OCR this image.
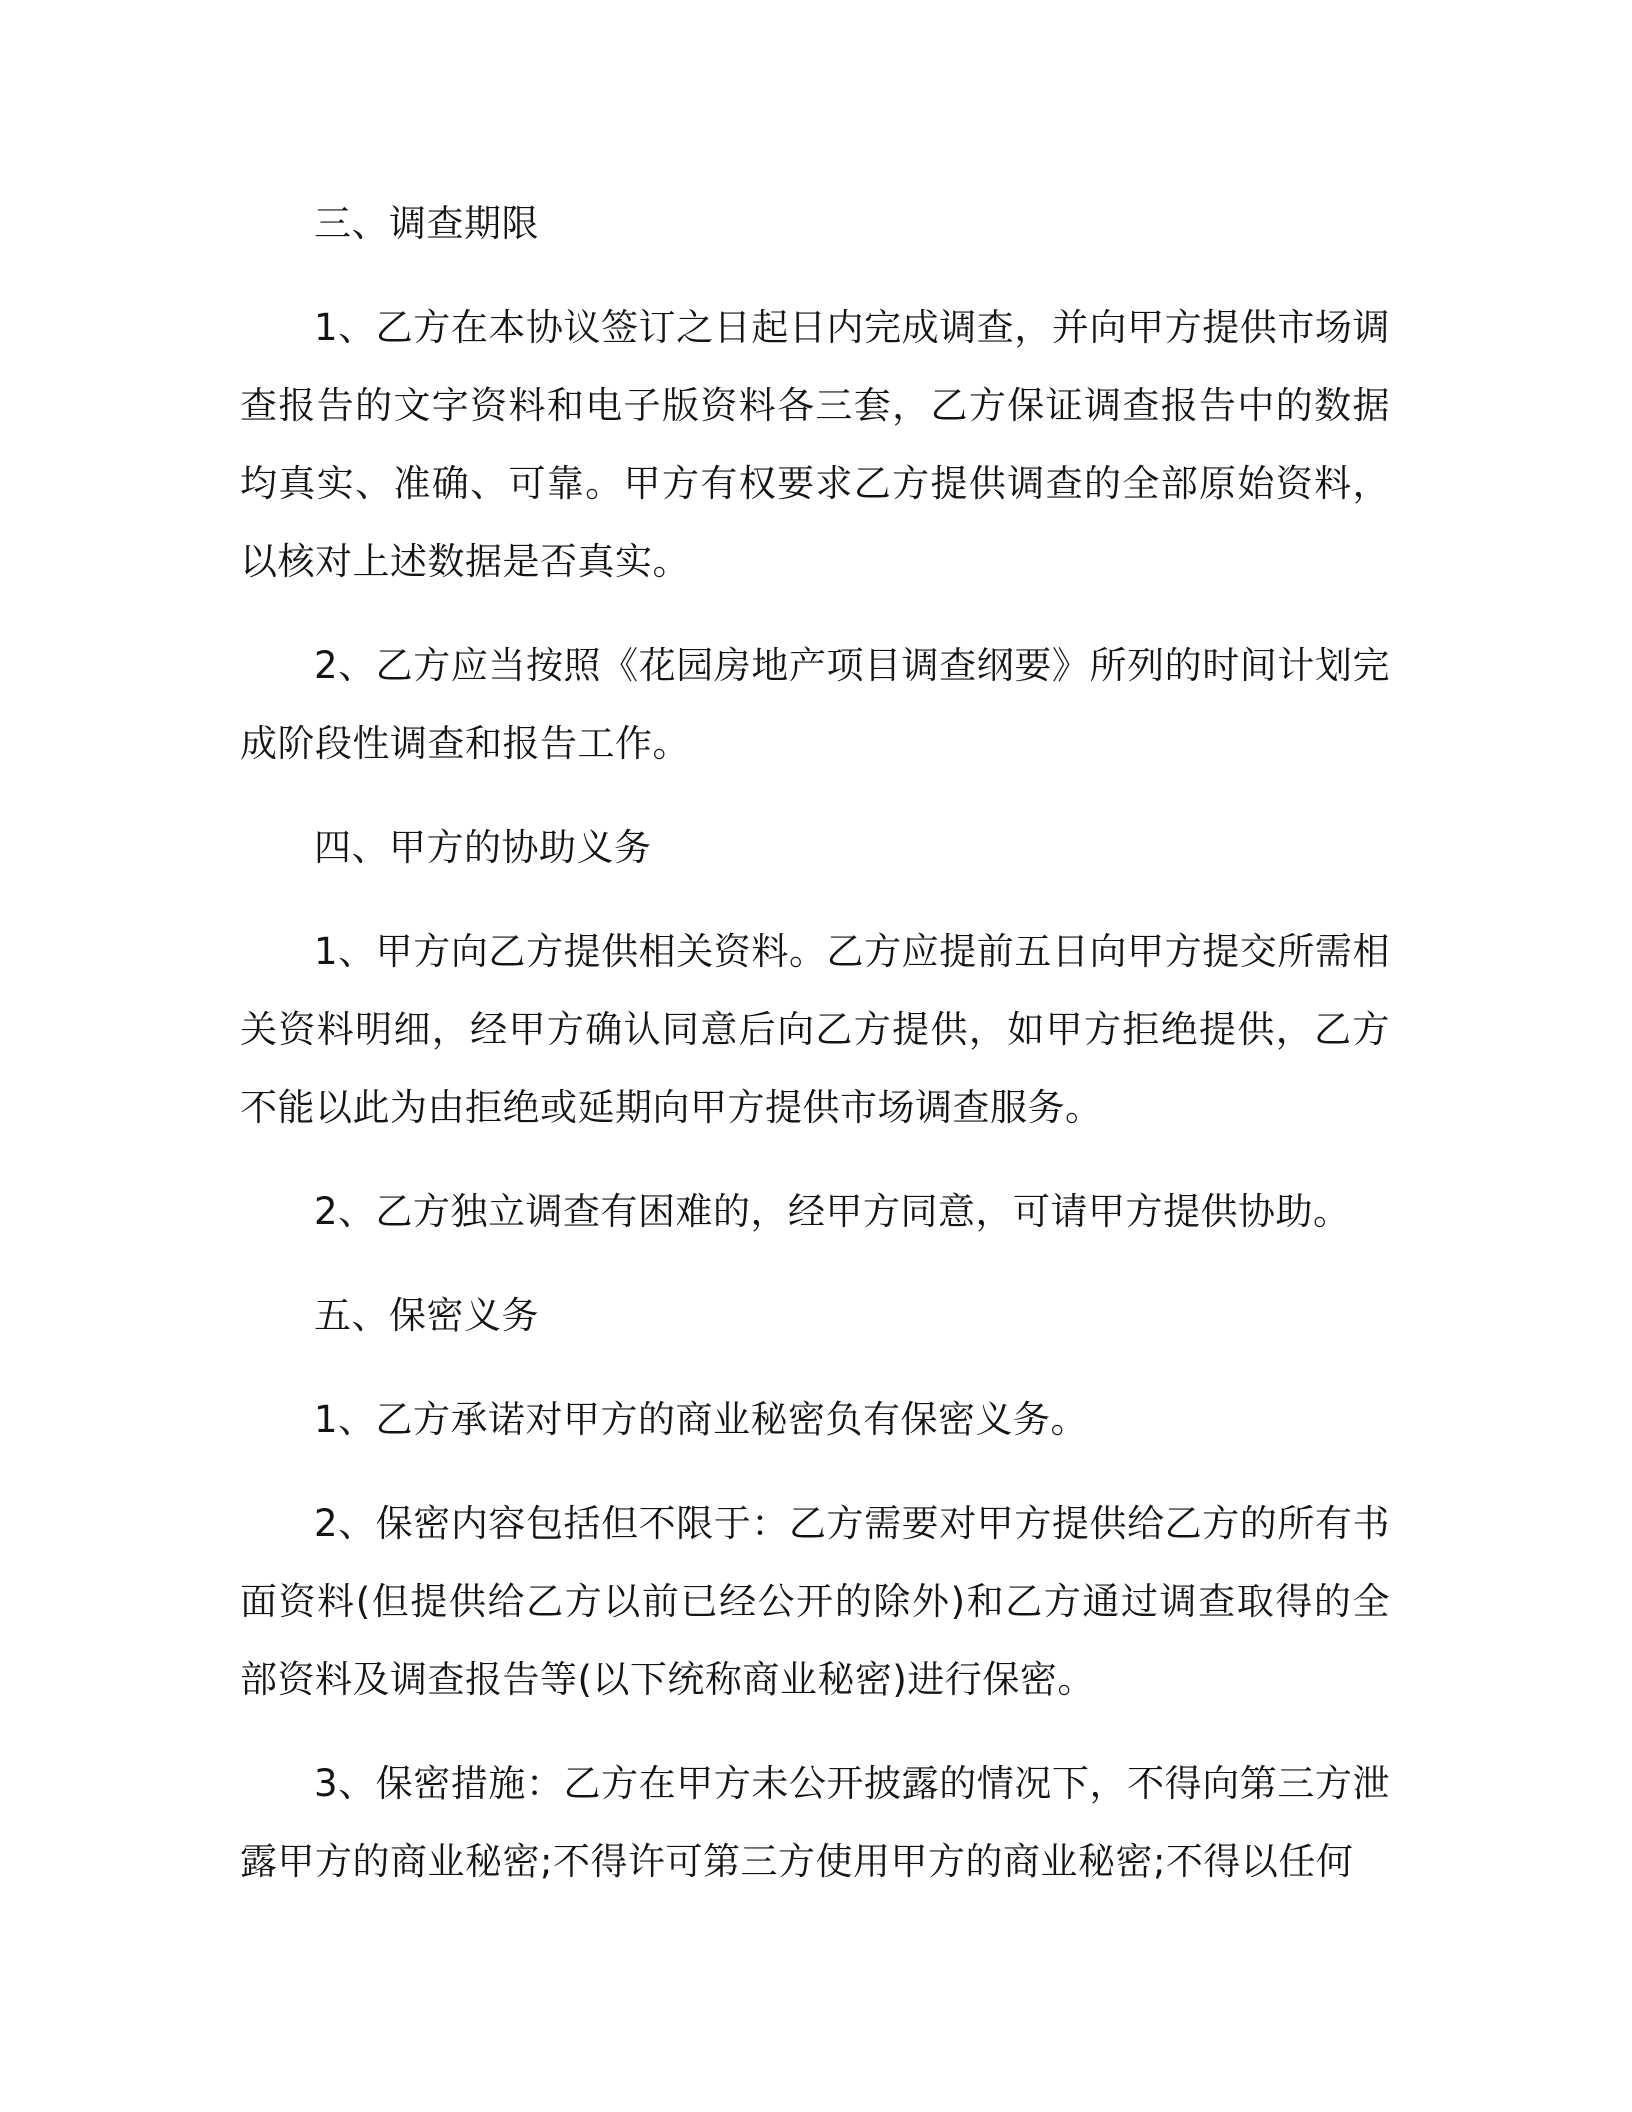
三、调查期限

1、乙方在本协议签订之日起日内完成调查，并向甲方提供市场调查报告的文字资料和电子版资料各三套，乙方保证调查报告中的数据均真实、准确、可靠。甲方有权要求乙方提供调查的全部原始资料，以核对上述数据是否真实。

2、乙方应当按照《花园房地产项目调查纲要》所列的时间计划完成阶段性调查和报告工作。

四、甲方的协助义务

1、甲方向乙方提供相关资料。乙方应提前五日向甲方提交所需相关资料明细，经甲方确认同意后向乙方提供，如甲方拒绝提供，乙方不能以此为由拒绝或延期向甲方提供市场调查服务。

2、乙方独立调查有困难的，经甲方同意，可请甲方提供协助。

五、保密义务

1、乙方承诺对甲方的商业秘密负有保密义务。

2、保密内容包括但不限于：乙方需要对甲方提供给乙方的所有书面资料(但提供给乙方以前已经公开的除外)和乙方通过调查取得的全部资料及调查报告等(以下统称商业秘密)进行保密。

3、保密措施：乙方在甲方未公开披露的情况下，不得向第三方泄露甲方的商业秘密;不得许可第三方使用甲方的商业秘密;不得以任何
